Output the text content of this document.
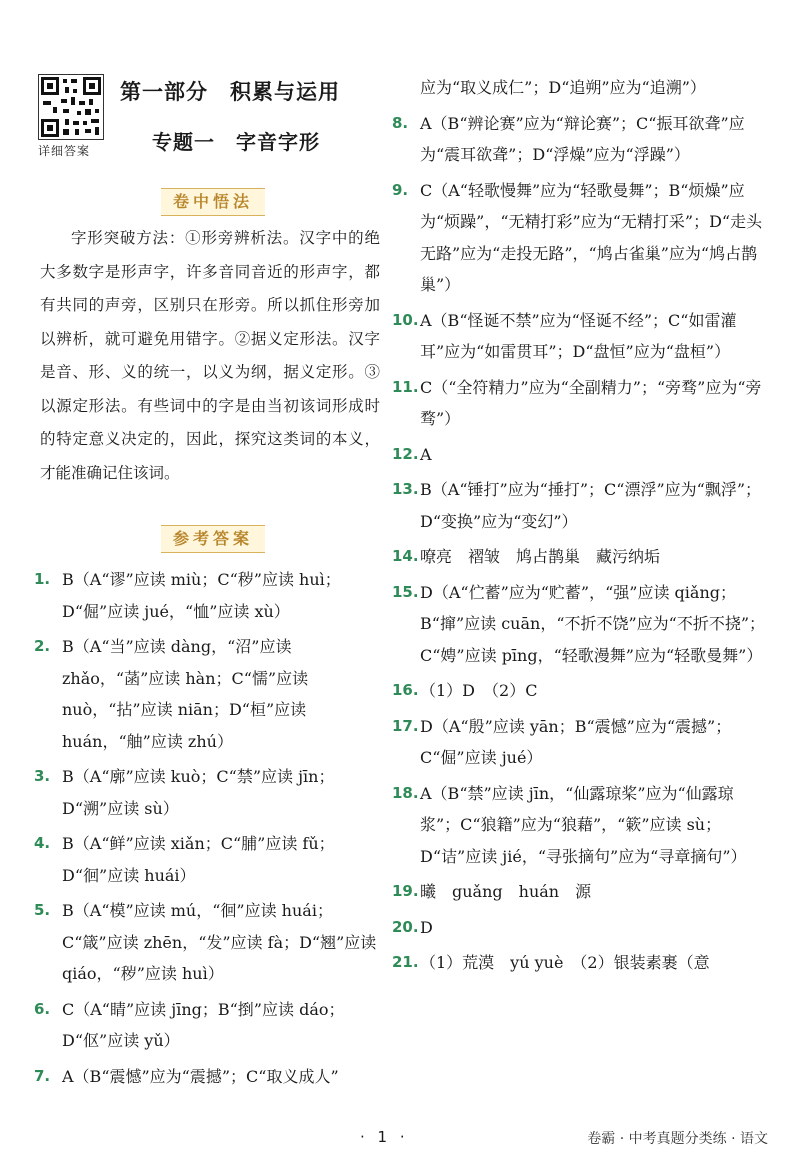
详细答案
第一部分　积累与运用
专题一　字音字形
卷中悟法

字形突破方法：①形旁辨析法。汉字中的绝大多数字是形声字，许多音同音近的形声字，都有共同的声旁，区别只在形旁。所以抓住形旁加以辨析，就可避免用错字。②据义定形法。汉字是音、形、义的统一，以义为纲，据义定形。③以源定形法。有些词中的字是由当初该词形成时的特定意义决定的，因此，探究这类词的本义，才能准确记住该词。

参考答案
1. B（A“谬”应读 miù；C“秽”应读 huì；D“倔”应读 jué，“恤”应读 xù）
2. B（A“当”应读 dàng，“沼”应读 zhǎo，“菡”应读 hàn；C“懦”应读 nuò，“拈”应读 niān；D“桓”应读 huán，“舳”应读 zhú）
3. B（A“廓”应读 kuò；C“禁”应读 jīn；D“溯”应读 sù）
4. B（A“鲜”应读 xiǎn；C“脯”应读 fǔ；D“徊”应读 huái）
5. B（A“模”应读 mú，“徊”应读 huái；C“箴”应读 zhēn，“发”应读 fà；D“翘”应读 qiáo，“秽”应读 huì）
6. C（A“睛”应读 jīng；B“捯”应读 dáo；D“伛”应读 yǔ）
7. A（B“震憾”应为“震撼”；C“取义成人”
应为“取义成仁”；D“追朔”应为“追溯”）
8. A（B“辨论赛”应为“辩论赛”；C“振耳欲聋”应为“震耳欲聋”；D“浮燥”应为“浮躁”）
9. C（A“轻歌慢舞”应为“轻歌曼舞”；B“烦燥”应为“烦躁”，“无精打彩”应为“无精打采”；D“走头无路”应为“走投无路”，“鸠占雀巢”应为“鸠占鹊巢”）
10. A（B“怪诞不禁”应为“怪诞不经”；C“如雷灌耳”应为“如雷贯耳”；D“盘恒”应为“盘桓”）
11. C（“全符精力”应为“全副精力”；“旁骛”应为“旁骛”）
12. A
13. B（A“锤打”应为“捶打”；C“漂浮”应为“飘浮”；D“变换”应为“变幻”）
14. 嘹亮　褶皱　鸠占鹊巢　藏污纳垢
15. D（A“伫蓄”应为“贮蓄”，“强”应读 qiǎng；B“撺”应读 cuān，“不折不饶”应为“不折不挠”；C“娉”应读 pīng，“轻歌漫舞”应为“轻歌曼舞”）
16. （1）D　（2）C
17. D（A“殷”应读 yān；B“震憾”应为“震撼”；C“倔”应读 jué）
18. A（B“禁”应读 jīn，“仙露琼桨”应为“仙露琼浆”；C“狼籍”应为“狼藉”，“簌”应读 sù；D“诘”应读 jié，“寻张摘句”应为“寻章摘句”）
19. 曦　guǎng　huán　源
20. D
21. （1）荒漠　yú yuè　（2）银装素裹（意
· 1 ·	卷霸 · 中考真题分类练 · 语文
